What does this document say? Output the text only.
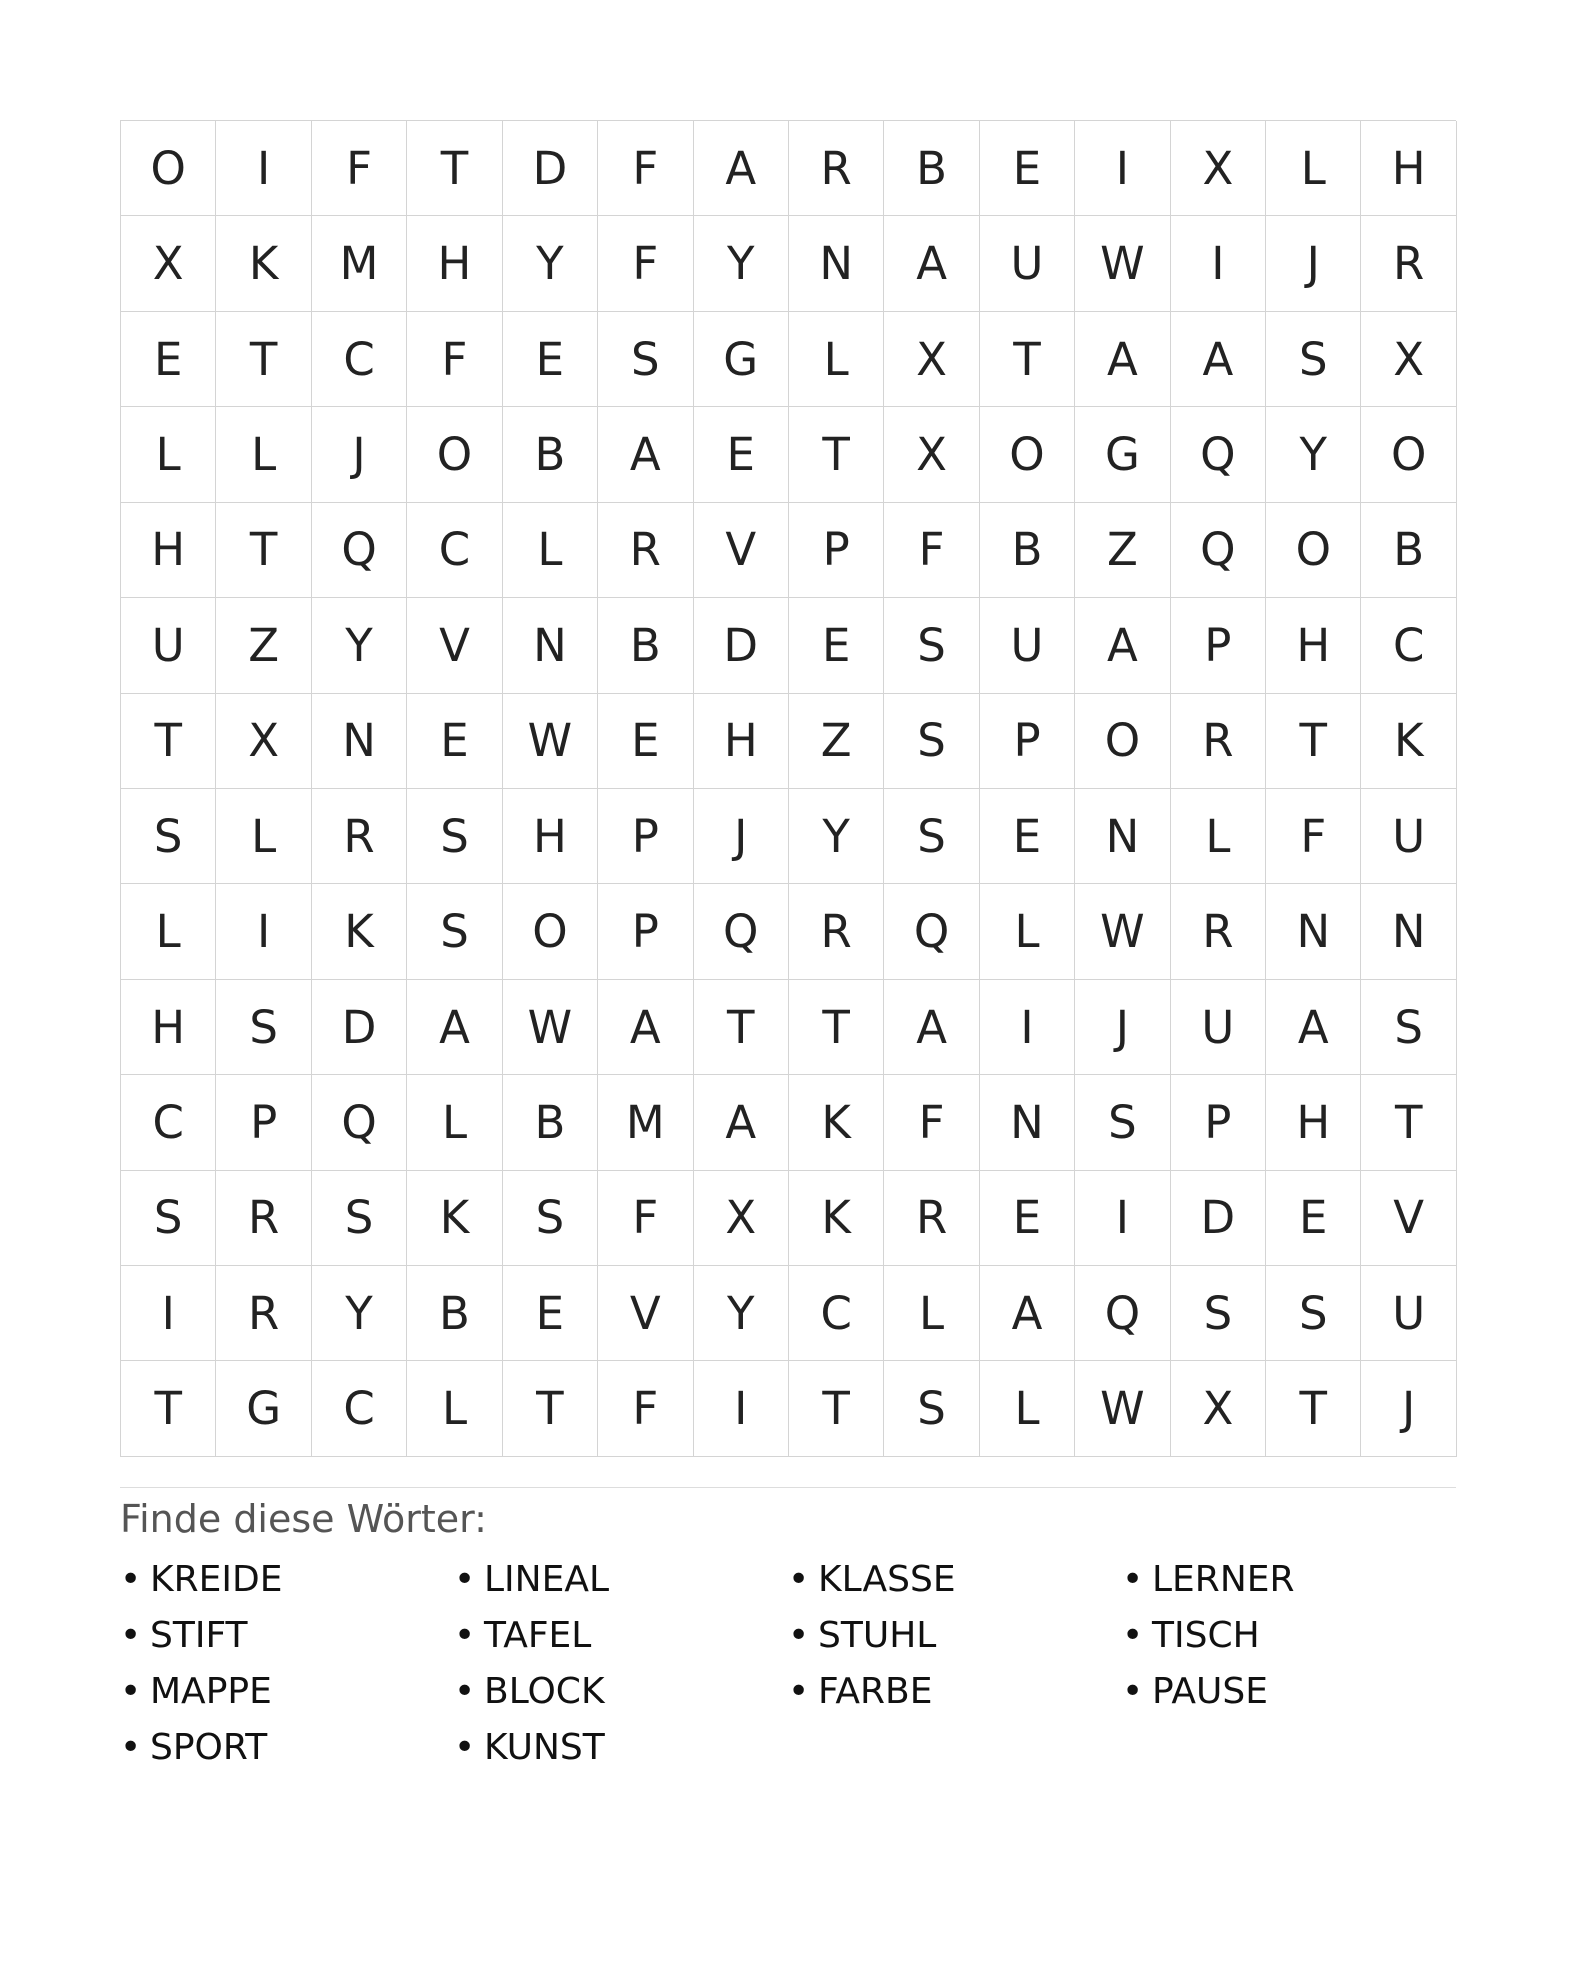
O	I	F	T	D	F	A	R	B	E	I	X	L	H
X	K	M	H	Y	F	Y	N	A	U	W	I	J	R
E	T	C	F	E	S	G	L	X	T	A	A	S	X
L	L	J	O	B	A	E	T	X	O	G	Q	Y	O
H	T	Q	C	L	R	V	P	F	B	Z	Q	O	B
U	Z	Y	V	N	B	D	E	S	U	A	P	H	C
T	X	N	E	W	E	H	Z	S	P	O	R	T	K
S	L	R	S	H	P	J	Y	S	E	N	L	F	U
L	I	K	S	O	P	Q	R	Q	L	W	R	N	N
H	S	D	A	W	A	T	T	A	I	J	U	A	S
C	P	Q	L	B	M	A	K	F	N	S	P	H	T
S	R	S	K	S	F	X	K	R	E	I	D	E	V
I	R	Y	B	E	V	Y	C	L	A	Q	S	S	U
T	G	C	L	T	F	I	T	S	L	W	X	T	J
Finde diese Wörter:
• KREIDE	• LINEAL	• KLASSE	• LERNER
• STIFT	• TAFEL	• STUHL	• TISCH
• MAPPE	• BLOCK	• FARBE	• PAUSE
• SPORT	• KUNST
